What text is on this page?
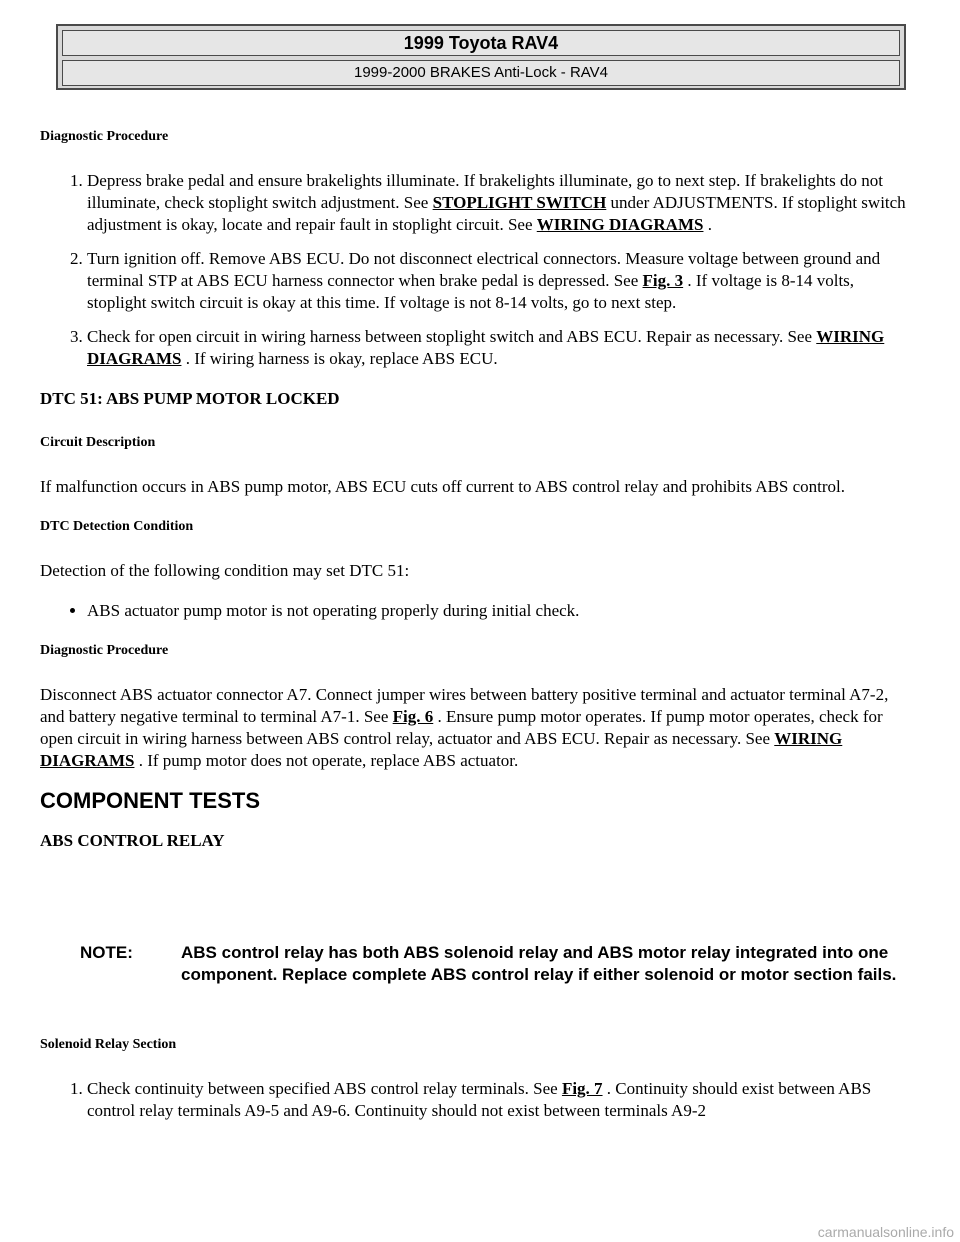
1999 Toyota RAV4
1999-2000 BRAKES Anti-Lock - RAV4
Diagnostic Procedure
1. Depress brake pedal and ensure brakelights illuminate. If brakelights illuminate, go to next step. If brakelights do not illuminate, check stoplight switch adjustment. See STOPLIGHT SWITCH under ADJUSTMENTS. If stoplight switch adjustment is okay, locate and repair fault in stoplight circuit. See WIRING DIAGRAMS .
2. Turn ignition off. Remove ABS ECU. Do not disconnect electrical connectors. Measure voltage between ground and terminal STP at ABS ECU harness connector when brake pedal is depressed. See Fig. 3 . If voltage is 8-14 volts, stoplight switch circuit is okay at this time. If voltage is not 8-14 volts, go to next step.
3. Check for open circuit in wiring harness between stoplight switch and ABS ECU. Repair as necessary. See WIRING DIAGRAMS . If wiring harness is okay, replace ABS ECU.
DTC 51: ABS PUMP MOTOR LOCKED
Circuit Description

If malfunction occurs in ABS pump motor, ABS ECU cuts off current to ABS control relay and prohibits ABS control.

DTC Detection Condition

Detection of the following condition may set DTC 51:

• ABS actuator pump motor is not operating properly during initial check.
Diagnostic Procedure

Disconnect ABS actuator connector A7. Connect jumper wires between battery positive terminal and actuator terminal A7-2, and battery negative terminal to terminal A7-1. See Fig. 6 . Ensure pump motor operates. If pump motor operates, check for open circuit in wiring harness between ABS control relay, actuator and ABS ECU. Repair as necessary. See WIRING DIAGRAMS . If pump motor does not operate, replace ABS actuator.

COMPONENT TESTS
ABS CONTROL RELAY
NOTE:	ABS control relay has both ABS solenoid relay and ABS motor relay integrated into one component. Replace complete ABS control relay if either solenoid or motor section fails.
Solenoid Relay Section
1. Check continuity between specified ABS control relay terminals. See Fig. 7 . Continuity should exist between ABS control relay terminals A9-5 and A9-6. Continuity should not exist between terminals A9-2
carmanualsonline.info
